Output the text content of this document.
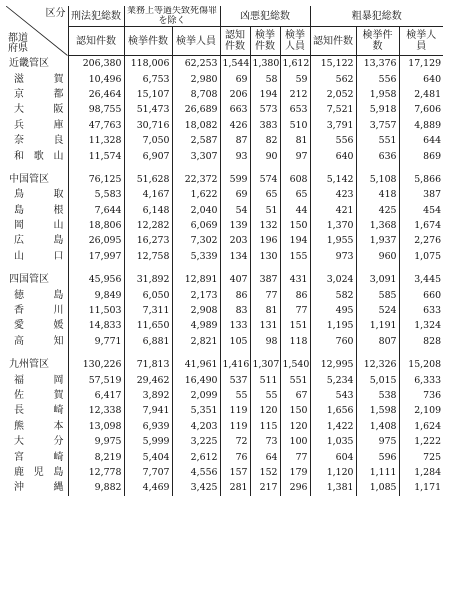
区分
都道府県	刑法犯総数	業務上等過失致死傷罪を除く		凶悪犯総数			粗暴犯総数		
	認知件数	検挙件数	検挙人員	認知件数	検挙件数	検挙人員	認知件数	検挙件数	検挙人員
近畿管区	206,380	118,006	62,253	1,544	1,380	1,612	15,122	13,376	17,129
滋賀	10,496	6,753	2,980	69	58	59	562	556	640
京都	26,464	15,107	8,708	206	194	212	2,052	1,958	2,481
大阪	98,755	51,473	26,689	663	573	653	7,521	5,918	7,606
兵庫	47,763	30,716	18,082	426	383	510	3,791	3,757	4,889
奈良	11,328	7,050	2,587	87	82	81	556	551	644
和歌山	11,574	6,907	3,307	93	90	97	640	636	869

中国管区	76,125	51,628	22,372	599	574	608	5,142	5,108	5,866
鳥取	5,583	4,167	1,622	69	65	65	423	418	387
島根	7,644	6,148	2,040	54	51	44	421	425	454
岡山	18,806	12,282	6,069	139	132	150	1,370	1,368	1,674
広島	26,095	16,273	7,302	203	196	194	1,955	1,937	2,276
山口	17,997	12,758	5,339	134	130	155	973	960	1,075

四国管区	45,956	31,892	12,891	407	387	431	3,024	3,091	3,445
徳島	9,849	6,050	2,173	86	77	86	582	585	660
香川	11,503	7,311	2,908	83	81	77	495	524	633
愛媛	14,833	11,650	4,989	133	131	151	1,195	1,191	1,324
高知	9,771	6,881	2,821	105	98	118	760	807	828

九州管区	130,226	71,813	41,961	1,416	1,307	1,540	12,995	12,326	15,208
福岡	57,519	29,462	16,490	537	511	551	5,234	5,015	6,333
佐賀	6,417	3,892	2,099	55	55	67	543	538	736
長崎	12,338	7,941	5,351	119	120	150	1,656	1,598	2,109
熊本	13,098	6,939	4,203	119	115	120	1,422	1,408	1,624
大分	9,975	5,999	3,225	72	73	100	1,035	975	1,222
宮崎	8,219	5,404	2,612	76	64	77	604	596	725
鹿児島	12,778	7,707	4,556	157	152	179	1,120	1,111	1,284
沖縄	9,882	4,469	3,425	281	217	296	1,381	1,085	1,171
